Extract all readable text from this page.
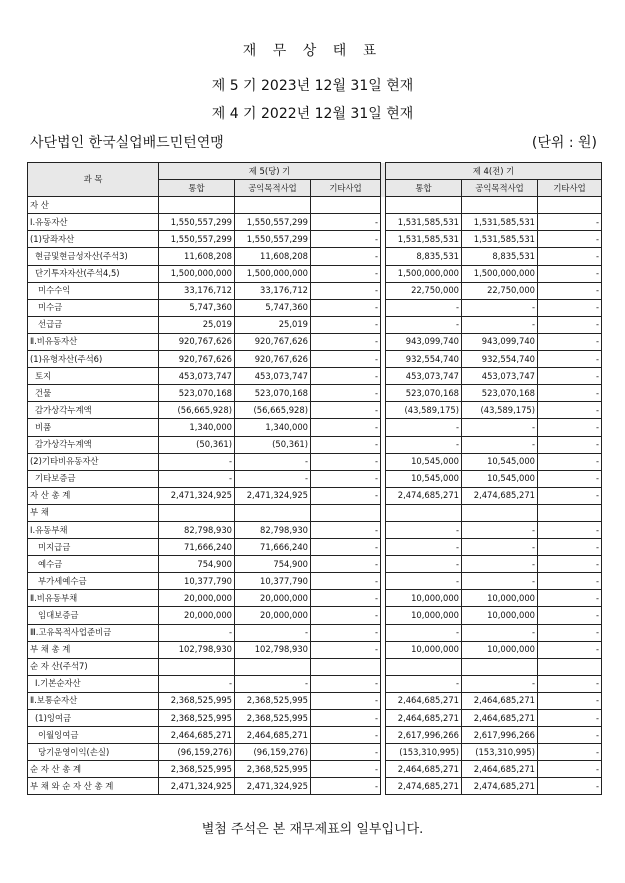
재 무 상 태 표
제 5 기 2023년 12월 31일 현재
제 4 기 2022년 12월 31일 현재
사단법인 한국실업배드민턴연맹	(단위 : 원)
과 목	제 5(당) 기				제 4(전) 기		
	통합	공익목적사업	기타사업		통합	공익목적사업	기타사업
자 산							
Ⅰ.유동자산	1,550,557,299	1,550,557,299	-		1,531,585,531	1,531,585,531	-
(1)당좌자산	1,550,557,299	1,550,557,299	-		1,531,585,531	1,531,585,531	-
현금및현금성자산(주석3)	11,608,208	11,608,208	-		8,835,531	8,835,531	-
단기투자자산(주석4,5)	1,500,000,000	1,500,000,000	-		1,500,000,000	1,500,000,000	-
미수수익	33,176,712	33,176,712	-		22,750,000	22,750,000	-
미수금	5,747,360	5,747,360	-		-	-	-
선급금	25,019	25,019	-		-	-	-
Ⅱ.비유동자산	920,767,626	920,767,626	-		943,099,740	943,099,740	-
(1)유형자산(주석6)	920,767,626	920,767,626	-		932,554,740	932,554,740	-
토지	453,073,747	453,073,747	-		453,073,747	453,073,747	-
건물	523,070,168	523,070,168	-		523,070,168	523,070,168	-
감가상각누계액	(56,665,928)	(56,665,928)	-		(43,589,175)	(43,589,175)	-
비품	1,340,000	1,340,000	-		-	-	-
감가상각누계액	(50,361)	(50,361)	-		-	-	-
(2)기타비유동자산	-	-	-		10,545,000	10,545,000	-
기타보증금	-	-	-		10,545,000	10,545,000	-
자 산 총 계	2,471,324,925	2,471,324,925	-		2,474,685,271	2,474,685,271	-
부 채							
Ⅰ.유동부채	82,798,930	82,798,930	-		-	-	-
미지급금	71,666,240	71,666,240	-		-	-	-
예수금	754,900	754,900	-		-	-	-
부가세예수금	10,377,790	10,377,790	-		-	-	-
Ⅱ.비유동부채	20,000,000	20,000,000	-		10,000,000	10,000,000	-
임대보증금	20,000,000	20,000,000	-		10,000,000	10,000,000	-
Ⅲ.고유목적사업준비금	-	-	-		-	-	-
부 채 총 계	102,798,930	102,798,930	-		10,000,000	10,000,000	-
순 자 산(주석7)							
Ⅰ.기본순자산	-	-	-		-	-	-
Ⅱ.보통순자산	2,368,525,995	2,368,525,995	-		2,464,685,271	2,464,685,271	-
(1)잉여금	2,368,525,995	2,368,525,995	-		2,464,685,271	2,464,685,271	-
이월잉여금	2,464,685,271	2,464,685,271	-		2,617,996,266	2,617,996,266	-
당기운영이익(손실)	(96,159,276)	(96,159,276)	-		(153,310,995)	(153,310,995)	-
순 자 산 총 계	2,368,525,995	2,368,525,995	-		2,464,685,271	2,464,685,271	-
부 채 와 순 자 산 총 계	2,471,324,925	2,471,324,925	-		2,474,685,271	2,474,685,271	-
별첨 주석은 본 재무제표의 일부입니다.
